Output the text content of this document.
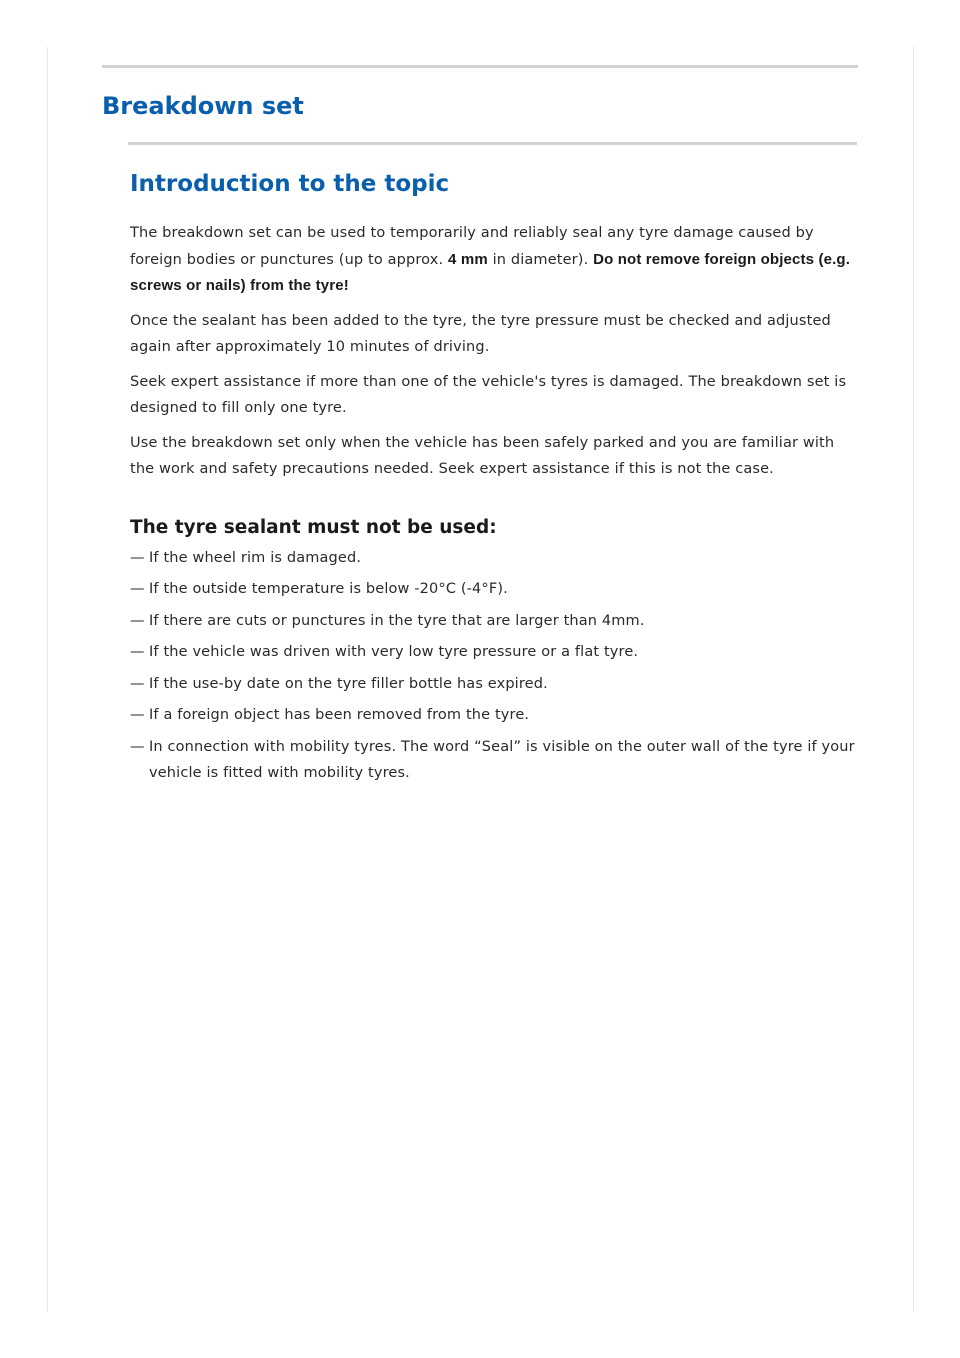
Breakdown set
Introduction to the topic

The breakdown set can be used to temporarily and reliably seal any tyre damage caused by foreign bodies or punctures (up to approx. 4 mm in diameter). Do not remove foreign objects (e.g. screws or nails) from the tyre!

Once the sealant has been added to the tyre, the tyre pressure must be checked and adjusted again after approximately 10 minutes of driving.

Seek expert assistance if more than one of the vehicle's tyres is damaged. The breakdown set is designed to fill only one tyre.

Use the breakdown set only when the vehicle has been safely parked and you are familiar with the work and safety precautions needed. Seek expert assistance if this is not the case.

The tyre sealant must not be used:
— If the wheel rim is damaged.
— If the outside temperature is below -20°C (-4°F).
— If there are cuts or punctures in the tyre that are larger than 4mm.
— If the vehicle was driven with very low tyre pressure or a flat tyre.
— If the use-by date on the tyre filler bottle has expired.
— If a foreign object has been removed from the tyre.
— In connection with mobility tyres. The word “Seal” is visible on the outer wall of the tyre if your vehicle is fitted with mobility tyres.
